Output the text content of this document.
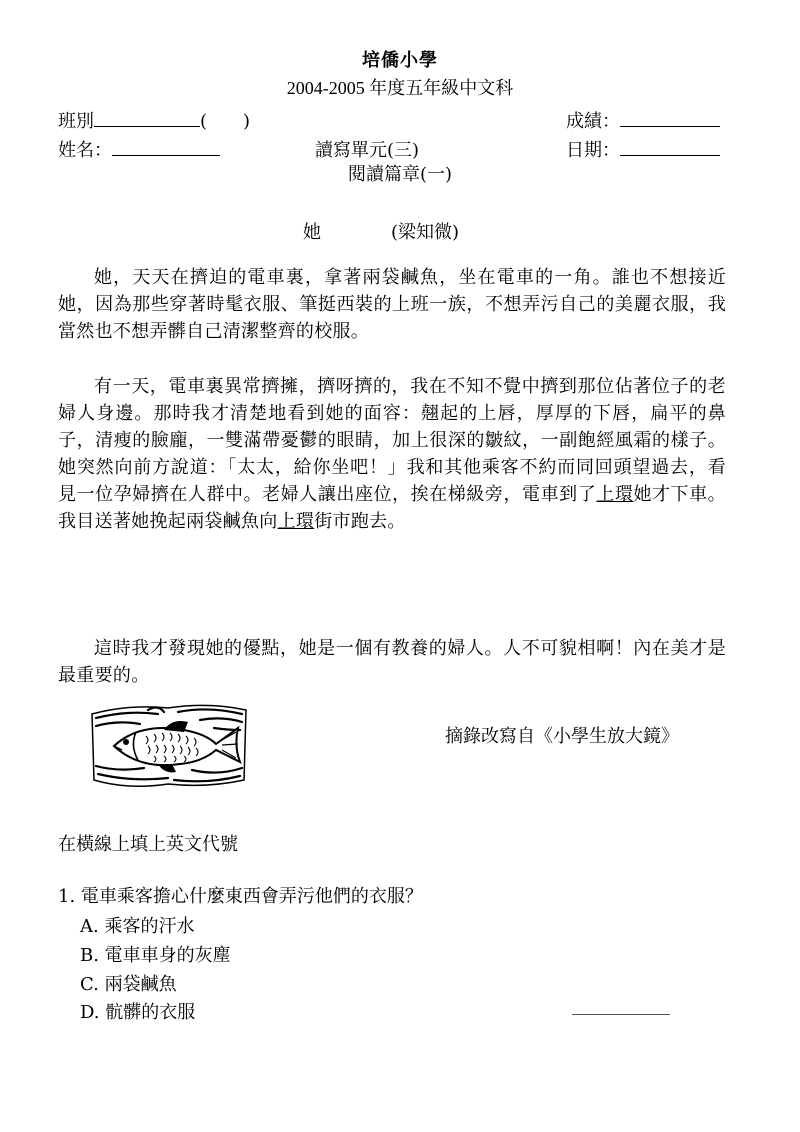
培僑小學
2004-2005 年度五年級中文科
班別	(　　)	成績：
姓名：	讀寫單元(三)	日期：
閱讀篇章(一)
她	(梁知微)
她，天天在擠迫的電車裏，拿著兩袋鹹魚，坐在電車的一角。誰也不想接近她，因為那些穿著時髦衣服、筆挺西裝的上班一族，不想弄污自己的美麗衣服，我當然也不想弄髒自己清潔整齊的校服。
有一天，電車裏異常擠擁，擠呀擠的，我在不知不覺中擠到那位佔著位子的老婦人身邊。那時我才清楚地看到她的面容：翹起的上唇，厚厚的下唇，扁平的鼻子，清瘦的臉龐，一雙滿帶憂鬱的眼睛，加上很深的皺紋，一副飽經風霜的樣子。她突然向前方說道：「太太，給你坐吧！」我和其他乘客不約而同回頭望過去，看見一位孕婦擠在人群中。老婦人讓出座位，挨在梯級旁，電車到了上環她才下車。我目送著她挽起兩袋鹹魚向上環街市跑去。
這時我才發現她的優點，她是一個有教養的婦人。人不可貌相啊！內在美才是最重要的。
摘錄改寫自《小學生放大鏡》
在橫線上填上英文代號
1. 電車乘客擔心什麼東西會弄污他們的衣服？
A. 乘客的汗水
B. 電車車身的灰塵
C. 兩袋鹹魚
D. 骯髒的衣服
